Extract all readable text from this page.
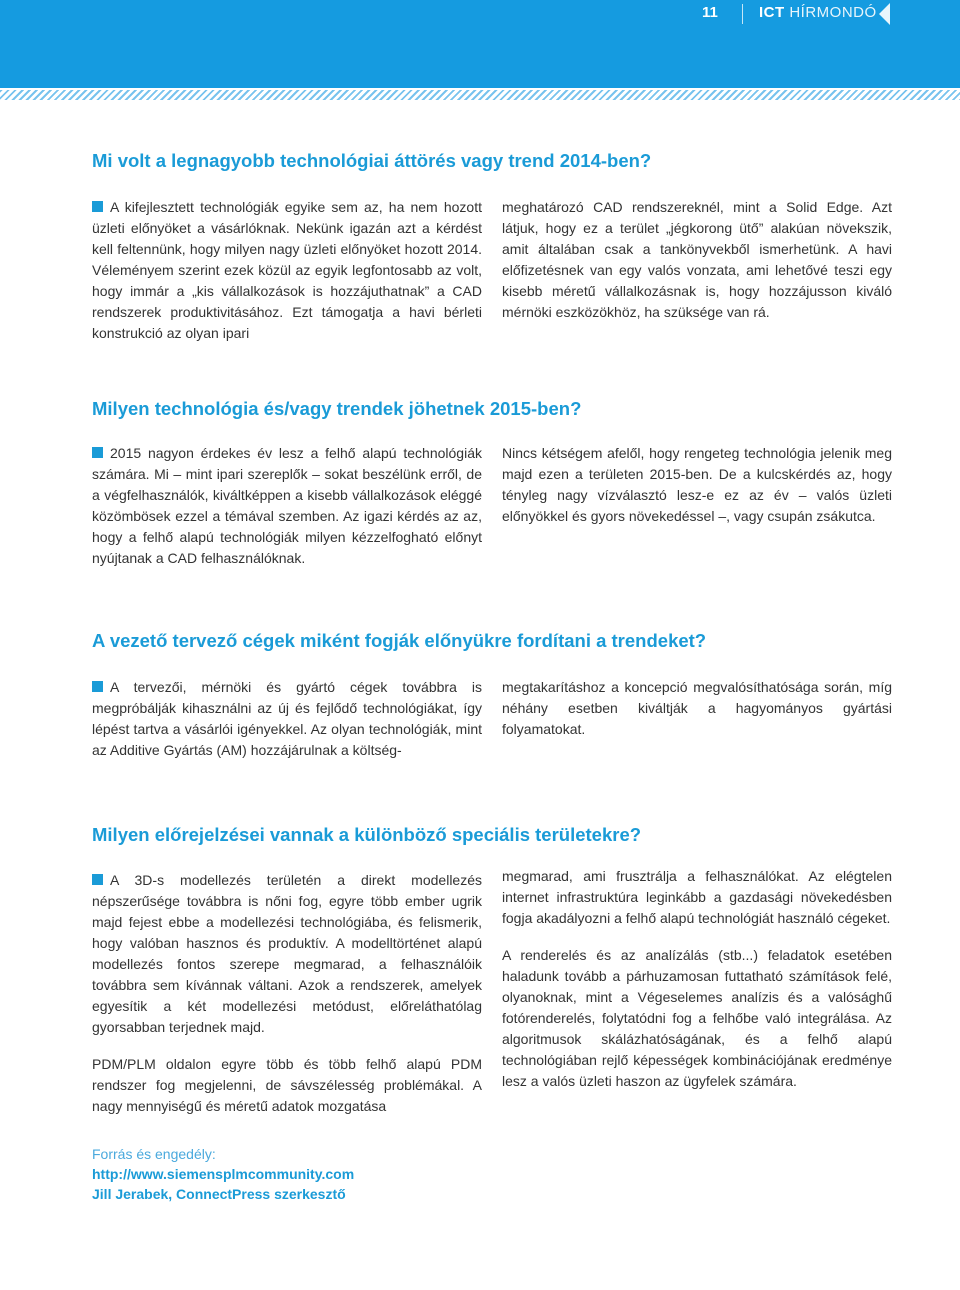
11	ICT HÍRMONDÓ
Mi volt a legnagyobb technológiai áttörés vagy trend 2014-ben?

A kifejlesztett technológiák egyike sem az, ha nem hozott üzleti előnyöket a vásárlóknak. Nekünk igazán azt a kérdést kell feltennünk, hogy milyen nagy üzleti előnyöket hozott 2014. Véleményem szerint ezek közül az egyik legfontosabb az volt, hogy immár a „kis vállalkozások is hozzájuthatnak” a CAD rendszerek produktivitásához. Ezt támogatja a havi bérleti konstrukció az olyan ipari

meghatározó CAD rendszereknél, mint a Solid Edge. Azt látjuk, hogy ez a terület „jégkorong ütő” alakúan növekszik, amit általában csak a tankönyvekből ismerhetünk. A havi előfizetésnek van egy valós vonzata, ami lehetővé teszi egy kisebb méretű vállalkozásnak is, hogy hozzájusson kiváló mérnöki eszközökhöz, ha szüksége van rá.

Milyen technológia és/vagy trendek jöhetnek 2015-ben?

2015 nagyon érdekes év lesz a felhő alapú technológiák számára. Mi – mint ipari szereplők – sokat beszélünk erről, de a végfelhasználók, kiváltképpen a kisebb vállalkozások eléggé közömbösek ezzel a témával szemben. Az igazi kérdés az az, hogy a felhő alapú technológiák milyen kézzelfogható előnyt nyújtanak a CAD felhasználóknak.

Nincs kétségem afelől, hogy rengeteg technológia jelenik meg majd ezen a területen 2015-ben. De a kulcskérdés az, hogy tényleg nagy vízválasztó lesz-e ez az év – valós üzleti előnyökkel és gyors növekedéssel –, vagy csupán zsákutca.

A vezető tervező cégek miként fogják előnyükre fordítani a trendeket?

A tervezői, mérnöki és gyártó cégek továbbra is megpróbálják kihasználni az új és fejlődő technológiákat, így lépést tartva a vásárlói igényekkel. Az olyan technológiák, mint az Additive Gyártás (AM) hozzájárulnak a költség-

megtakarításhoz a koncepció megvalósíthatósága során, míg néhány esetben kiváltják a hagyományos gyártási folyamatokat.

Milyen előrejelzései vannak a különböző speciális területekre?

A 3D-s modellezés területén a direkt modellezés népszerűsége továbbra is nőni fog, egyre több ember ugrik majd fejest ebbe a modellezési technológiába, és felismerik, hogy valóban hasznos és produktív. A modelltörténet alapú modellezés fontos szerepe megmarad, a felhasználóik továbbra sem kívánnak váltani. Azok a rendszerek, amelyek egyesítik a két modellezési metódust, előreláthatólag gyorsabban terjednek majd.

PDM/PLM oldalon egyre több és több felhő alapú PDM rendszer fog megjelenni, de sávszélesség problémákal. A nagy mennyiségű és méretű adatok mozgatása

megmarad, ami frusztrálja a felhasználókat. Az elégtelen internet infrastruktúra leginkább a gazdasági növekedésben fogja akadályozni a felhő alapú technológiát használó cégeket.

A renderelés és az analízálás (stb...) feladatok esetében haladunk tovább a párhuzamosan futtatható számítások felé, olyanoknak, mint a Végeselemes analízis és a valósághű fotórenderelés, folytatódni fog a felhőbe való integrálása. Az algoritmusok skálázhatóságának, és a felhő alapú technológiában rejlő képességek kombinációjának eredménye lesz a valós üzleti haszon az ügyfelek számára.

Forrás és engedély:
http://www.siemensplmcommunity.com
Jill Jerabek, ConnectPress szerkesztő
